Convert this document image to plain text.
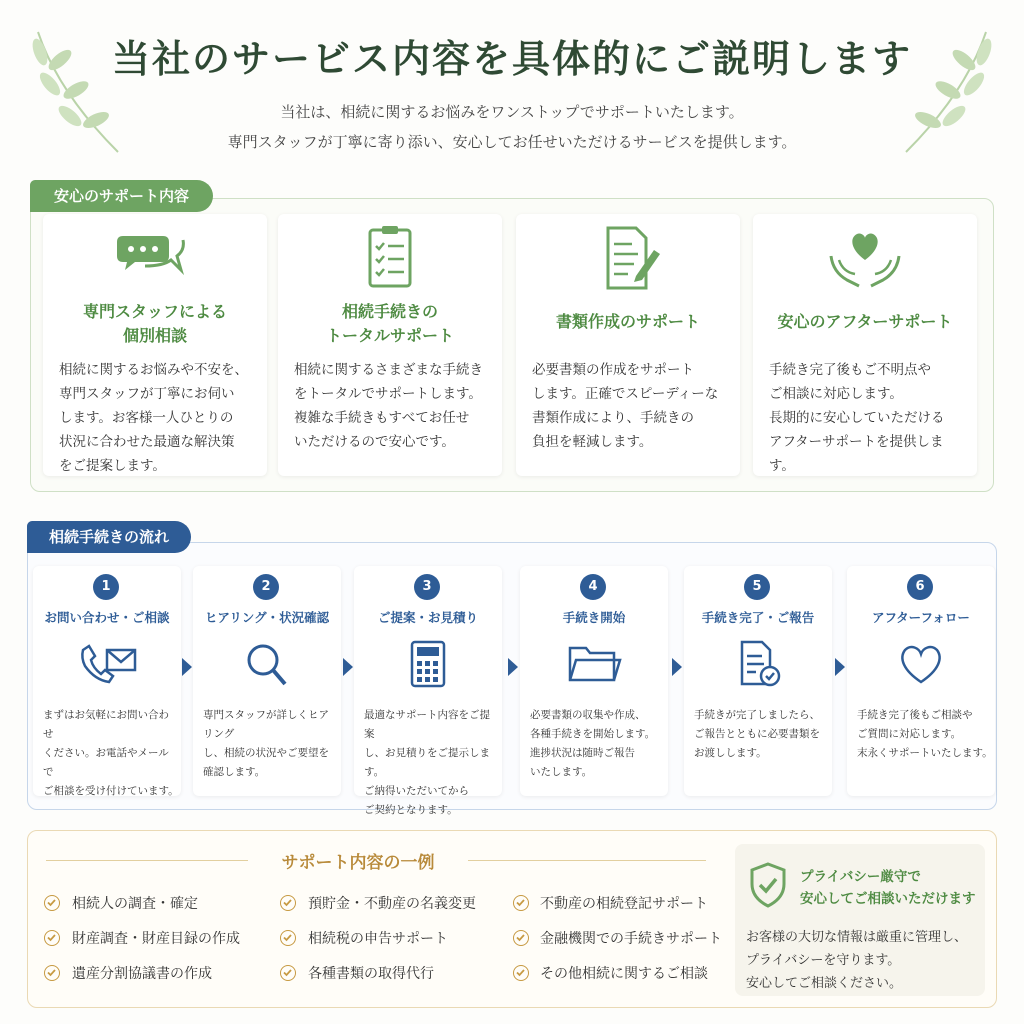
当社のサービス内容を具体的にご説明します
当社は、相続に関するお悩みをワンストップでサポートいたします。
専門スタッフが丁寧に寄り添い、安心してお任せいただけるサービスを提供します。
安心のサポート内容
専門スタッフによる
個別相談
相続に関するお悩みや不安を、
専門スタッフが丁寧にお伺い
します。お客様一人ひとりの
状況に合わせた最適な解決策
をご提案します。
相続手続きの
トータルサポート
相続に関するさまざまな手続き
をトータルでサポートします。
複雑な手続きもすべてお任せ
いただけるので安心です。
書類作成のサポート
必要書類の作成をサポート
します。正確でスピーディーな
書類作成により、手続きの
負担を軽減します。
安心のアフターサポート
手続き完了後もご不明点や
ご相談に対応します。
長期的に安心していただける
アフターサポートを提供します。
相続手続きの流れ
1
お問い合わせ・ご相談
まずはお気軽にお問い合わせ
ください。お電話やメールで
ご相談を受け付けています。
2
ヒアリング・状況確認
専門スタッフが詳しくヒアリング
し、相続の状況やご要望を
確認します。
3
ご提案・お見積り
最適なサポート内容をご提案
し、お見積りをご提示します。
ご納得いただいてから
ご契約となります。
4
手続き開始
必要書類の収集や作成、
各種手続きを開始します。
進捗状況は随時ご報告
いたします。
5
手続き完了・ご報告
手続きが完了しましたら、
ご報告とともに必要書類を
お渡しします。
6
アフターフォロー
手続き完了後もご相談や
ご質問に対応します。
末永くサポートいたします。
サポート内容の一例
相続人の調査・確定
財産調査・財産目録の作成
遺産分割協議書の作成
預貯金・不動産の名義変更
相続税の申告サポート
各種書類の取得代行
不動産の相続登記サポート
金融機関での手続きサポート
その他相続に関するご相談
プライバシー厳守で
安心してご相談いただけます
お客様の大切な情報は厳重に管理し、
プライバシーを守ります。
安心してご相談ください。
